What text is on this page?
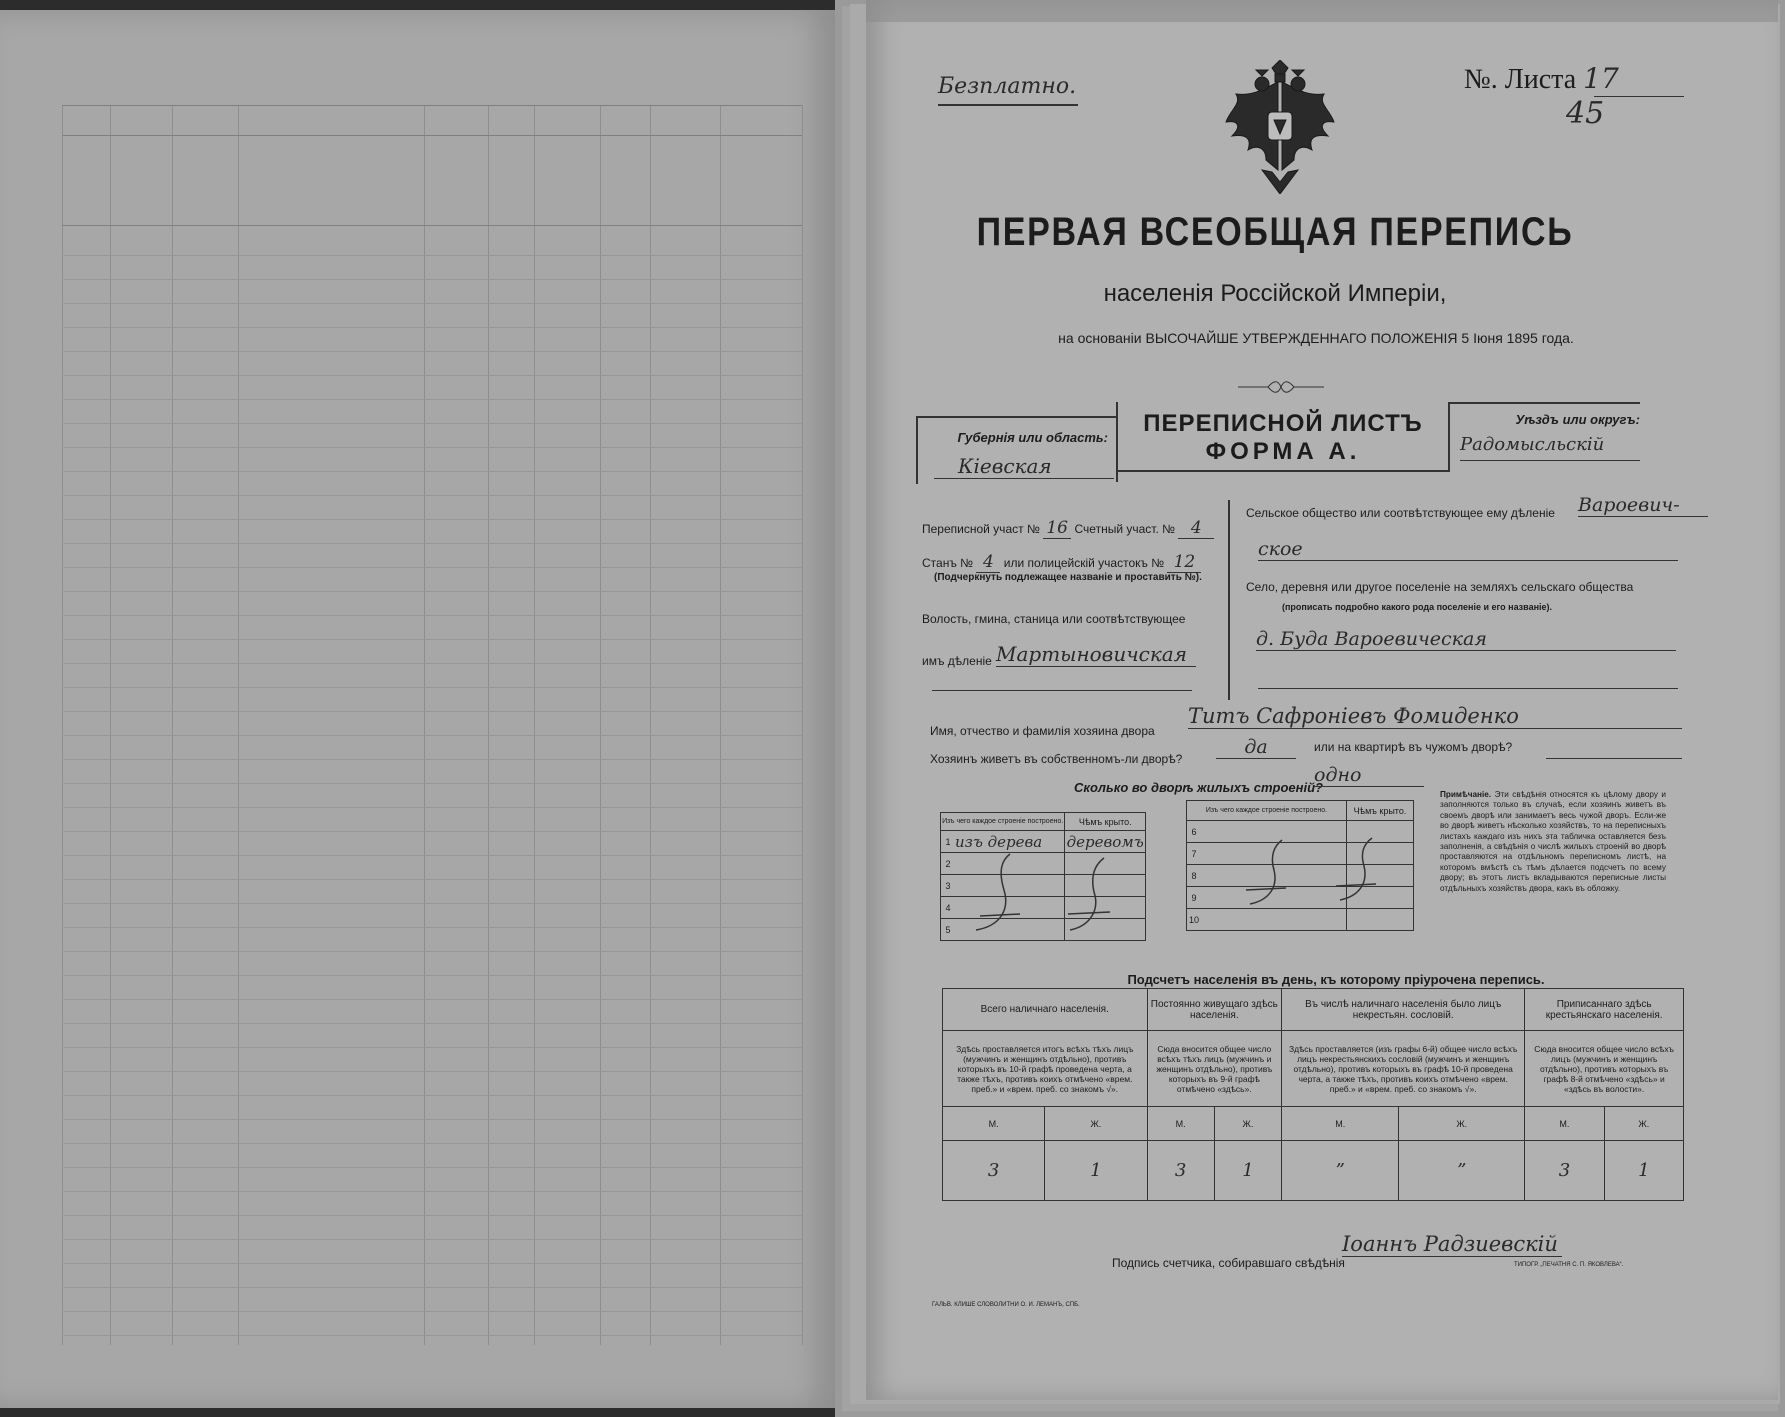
Безплатно.	№. Листа 17
45
ПЕРВАЯ ВСЕОБЩАЯ ПЕРЕПИСЬ
населенія Россійской Имперіи,
на основаніи ВЫСОЧАЙШЕ УТВЕРЖДЕННАГО ПОЛОЖЕНІЯ 5 Іюня 1895 года.
Губернія или область:
Кіевская
ПЕРЕПИСНОЙ ЛИСТЪ
ФОРМА А.
Уѣздъ или округъ:
Радомысльскій
Переписной участ № 16 Счетный участ. № 4
Станъ № 4 или полицейскій участокъ № 12
(Подчеркнуть подлежащее названіе и проставить №).
Волость, гмина, станица или соотвѣтствующее
имъ дѣленіе Мартыновичская
Сельское общество или соотвѣтствующее ему дѣленіе Вароевич-
ское
Село, деревня или другое поселеніе на земляхъ сельскаго общества
(прописать подробно какого рода поселеніе и его названіе).
д. Буда Вароевическая
Имя, отчество и фамилія хозяина двора
Титъ Сафроніевъ Фомиденко
Хозяинъ живетъ въ собственномъ-ли дворѣ?
да	или на квартирѣ въ чужомъ дворѣ?
Сколько во дворѣ жилыхъ строеній?
одно
Изъ чего каждое строеніе построено.		Чѣмъ крыто.
1	изъ дерева	деревомъ
2		
3		
4		
5		
Изъ чего каждое строеніе построено.		Чѣмъ крыто.
6		
7		
8		
9		
10		
Примѣчаніе. Эти свѣдѣнія относятся къ цѣлому двору и заполняются только въ случаѣ, если хозяинъ живетъ въ своемъ дворѣ или занимаетъ весь чужой дворъ. Если-же во дворѣ живетъ нѣсколько хозяйствъ, то на переписныхъ листахъ каждаго изъ нихъ эта табличка оставляется безъ заполненія, а свѣдѣнія о числѣ жилыхъ строеній во дворѣ проставляются на отдѣльномъ переписномъ листѣ, на которомъ вмѣстѣ съ тѣмъ дѣлается подсчетъ по всему двору; въ этотъ листъ вкладываются переписные листы отдѣльныхъ хозяйствъ двора, какъ въ обложку.
Подсчетъ населенія въ день, къ которому пріурочена перепись.
Всего наличнаго населенія.		Постоянно живущаго здѣсь населенія.		Въ числѣ наличнаго населенія было лицъ некрестьян. сословій.		Приписаннаго здѣсь крестьянскаго населенія.	
Здѣсь проставляется итогъ всѣхъ тѣхъ лицъ (мужчинъ и женщинъ отдѣльно), противъ которыхъ въ 10-й графѣ проведена черта, а также тѣхъ, противъ коихъ отмѣчено «врем. преб.» и «врем. преб. со знакомъ √».		Сюда вносится общее число всѣхъ тѣхъ лицъ (мужчинъ и женщинъ отдѣльно), противъ которыхъ въ 9-й графѣ отмѣчено «здѣсь».		Здѣсь проставляется (изъ графы 6-й) общее число всѣхъ лицъ некрестьянскихъ сословій (мужчинъ и женщинъ отдѣльно), противъ которыхъ въ графѣ 10-й проведена черта, а также тѣхъ, противъ коихъ отмѣчено «врем. преб.» и «врем. преб. со знакомъ √».		Сюда вносится общее число всѣхъ лицъ (мужчинъ и женщинъ отдѣльно), противъ которыхъ въ графѣ 8-й отмѣчено «здѣсь» и «здѣсь въ волости».	
М.	Ж.	М.	Ж.	М.	Ж.	М.	Ж.
3	1	3	1	”	”	3	1
Подпись счетчика, собиравшаго свѣдѣнія
Іоаннъ Радзиевскій
ГАЛЬВ. КЛИШЕ СЛОВОЛИТНИ О. И. ЛЕМАНЪ, СПБ.
ТИПОГР. „ПЕЧАТНЯ С. П. ЯКОВЛЕВА“.
